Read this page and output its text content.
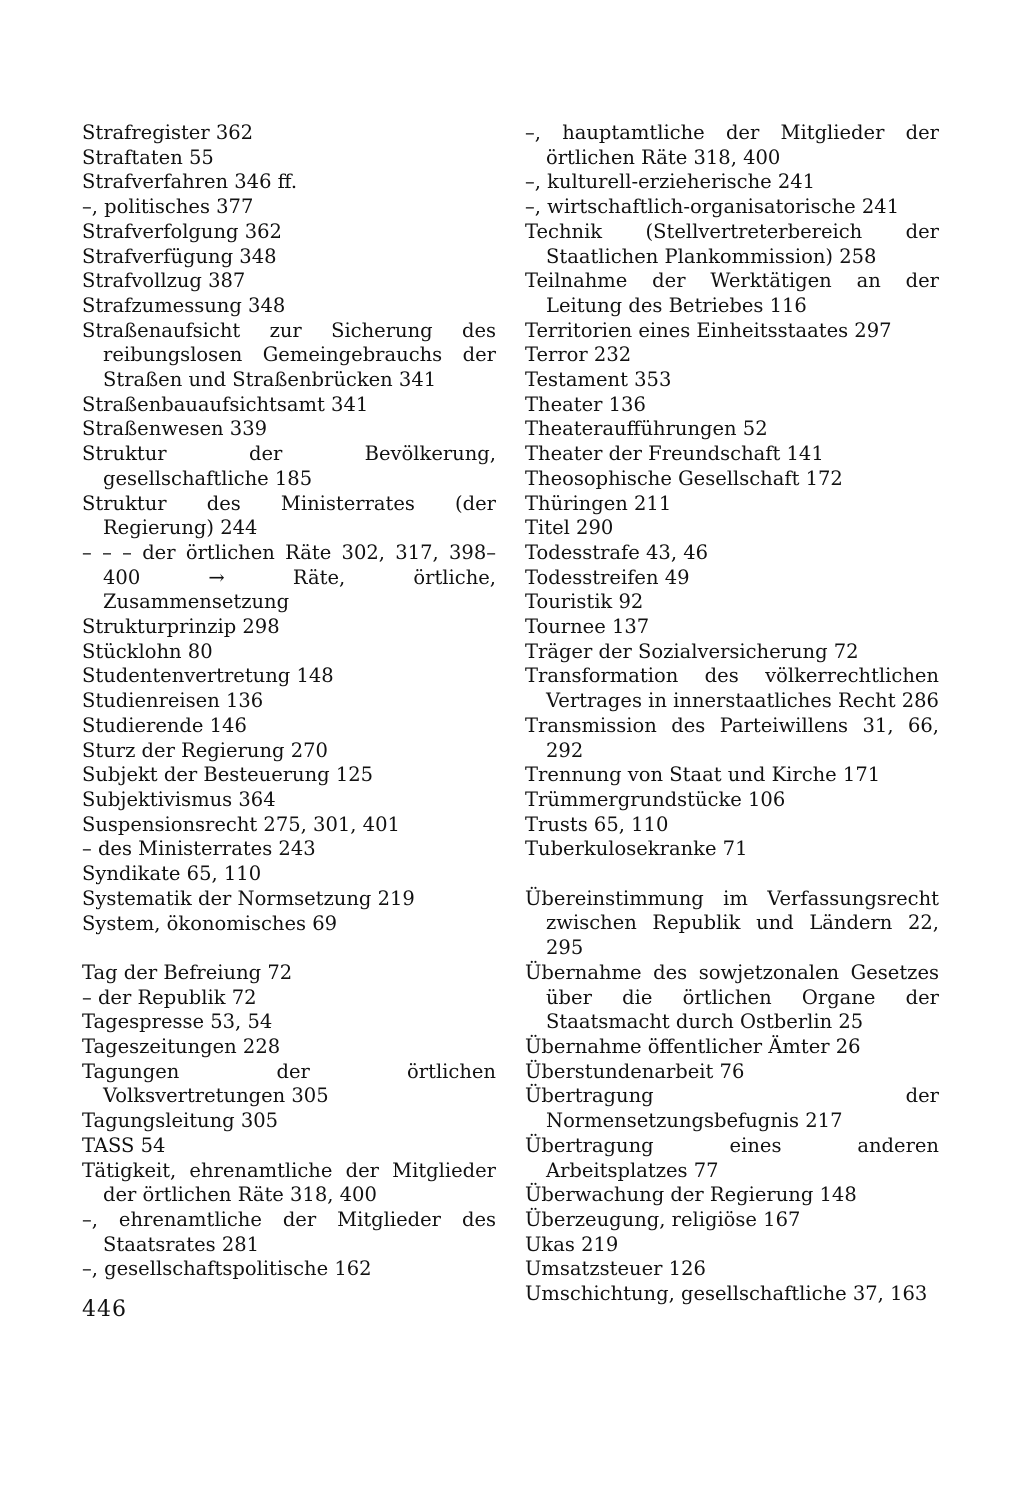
Strafregister 362
Straftaten 55
Strafverfahren 346 ff.
–, politisches 377
Strafverfolgung 362
Strafverfügung 348
Strafvollzug 387
Strafzumessung 348
Straßenaufsicht zur Sicherung des reibungslosen Gemeingebrauchs der Straßen und Straßenbrücken 341
Straßenbauaufsichtsamt 341
Straßenwesen 339
Struktur der Bevölkerung, gesellschaftliche 185
Struktur des Ministerrates (der Regierung) 244
– – – der örtlichen Räte 302, 317, 398–400 → Räte, örtliche, Zusammensetzung
Strukturprinzip 298
Stücklohn 80
Studentenvertretung 148
Studienreisen 136
Studierende 146
Sturz der Regierung 270
Subjekt der Besteuerung 125
Subjektivismus 364
Suspensionsrecht 275, 301, 401
– des Ministerrates 243
Syndikate 65, 110
Systematik der Normsetzung 219
System, ökonomisches 69
Tag der Befreiung 72
– der Republik 72
Tagespresse 53, 54
Tageszeitungen 228
Tagungen der örtlichen Volksvertretungen 305
Tagungsleitung 305
TASS 54
Tätigkeit, ehrenamtliche der Mitglieder der örtlichen Räte 318, 400
–, ehrenamtliche der Mitglieder des Staatsrates 281
–, gesellschaftspolitische 162
–, hauptamtliche der Mitglieder der örtlichen Räte 318, 400
–, kulturell-erzieherische 241
–, wirtschaftlich-organisatorische 241
Technik (Stellvertreterbereich der Staatlichen Plankommission) 258
Teilnahme der Werktätigen an der Leitung des Betriebes 116
Territorien eines Einheitsstaates 297
Terror 232
Testament 353
Theater 136
Theateraufführungen 52
Theater der Freundschaft 141
Theosophische Gesellschaft 172
Thüringen 211
Titel 290
Todesstrafe 43, 46
Todesstreifen 49
Touristik 92
Tournee 137
Träger der Sozialversicherung 72
Transformation des völkerrechtlichen Vertrages in innerstaatliches Recht 286
Transmission des Parteiwillens 31, 66, 292
Trennung von Staat und Kirche 171
Trümmergrundstücke 106
Trusts 65, 110
Tuberkulosekranke 71
Übereinstimmung im Verfassungsrecht zwischen Republik und Ländern 22, 295
Übernahme des sowjetzonalen Gesetzes über die örtlichen Organe der Staatsmacht durch Ostberlin 25
Übernahme öffentlicher Ämter 26
Überstundenarbeit 76
Übertragung der Normensetzungsbefugnis 217
Übertragung eines anderen Arbeitsplatzes 77
Überwachung der Regierung 148
Überzeugung, religiöse 167
Ukas 219
Umsatzsteuer 126
Umschichtung, gesellschaftliche 37, 163
446
